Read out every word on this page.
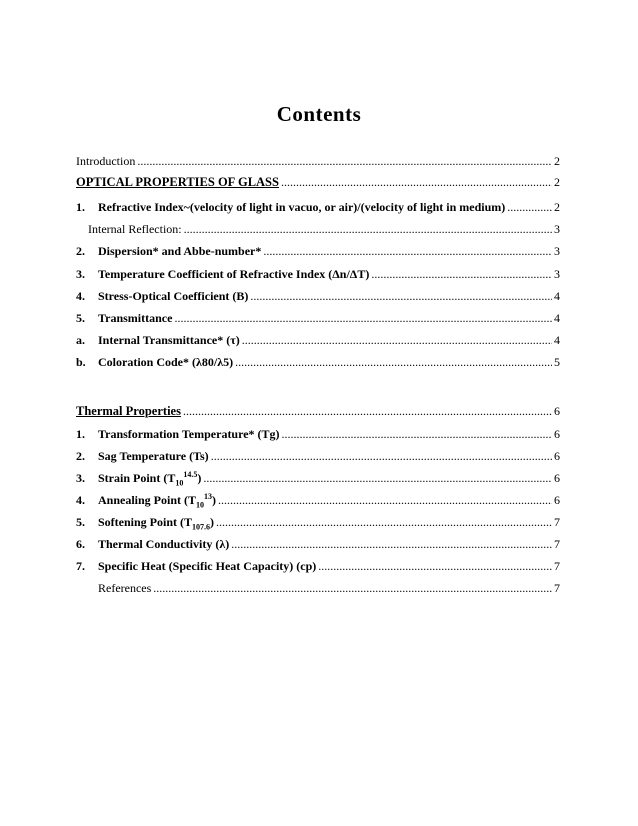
Contents
Introduction .....	2
OPTICAL PROPERTIES OF GLASS .....	2
1.	Refractive Index~(velocity of light in vacuo, or air)/(velocity of light in medium) .....	2
Internal Reflection: .....	3
2.	Dispersion* and Abbe-number* .....	3
3.	Temperature Coefficient of Refractive Index (Δn/ΔT) .....	3
4.	Stress-Optical Coefficient (B) .....	4
5.	Transmittance .....	4
a.	Internal Transmittance* (τ) .....	4
b.	Coloration Code* (λ80/λ5) .....	5
Thermal Properties .....	6
1.	Transformation Temperature* (Tg) .....	6
2.	Sag Temperature (Ts) .....	6
3.	Strain Point $(T_{10}^{14.5})$ .....	6
4.	Annealing Point $(T_{10}^{13})$ .....	6
5.	Softening Point $(T_{107.6})$ .....	7
6.	Thermal Conductivity (λ) .....	7
7.	Specific Heat (Specific Heat Capacity) (cp) .....	7
References .....	7
